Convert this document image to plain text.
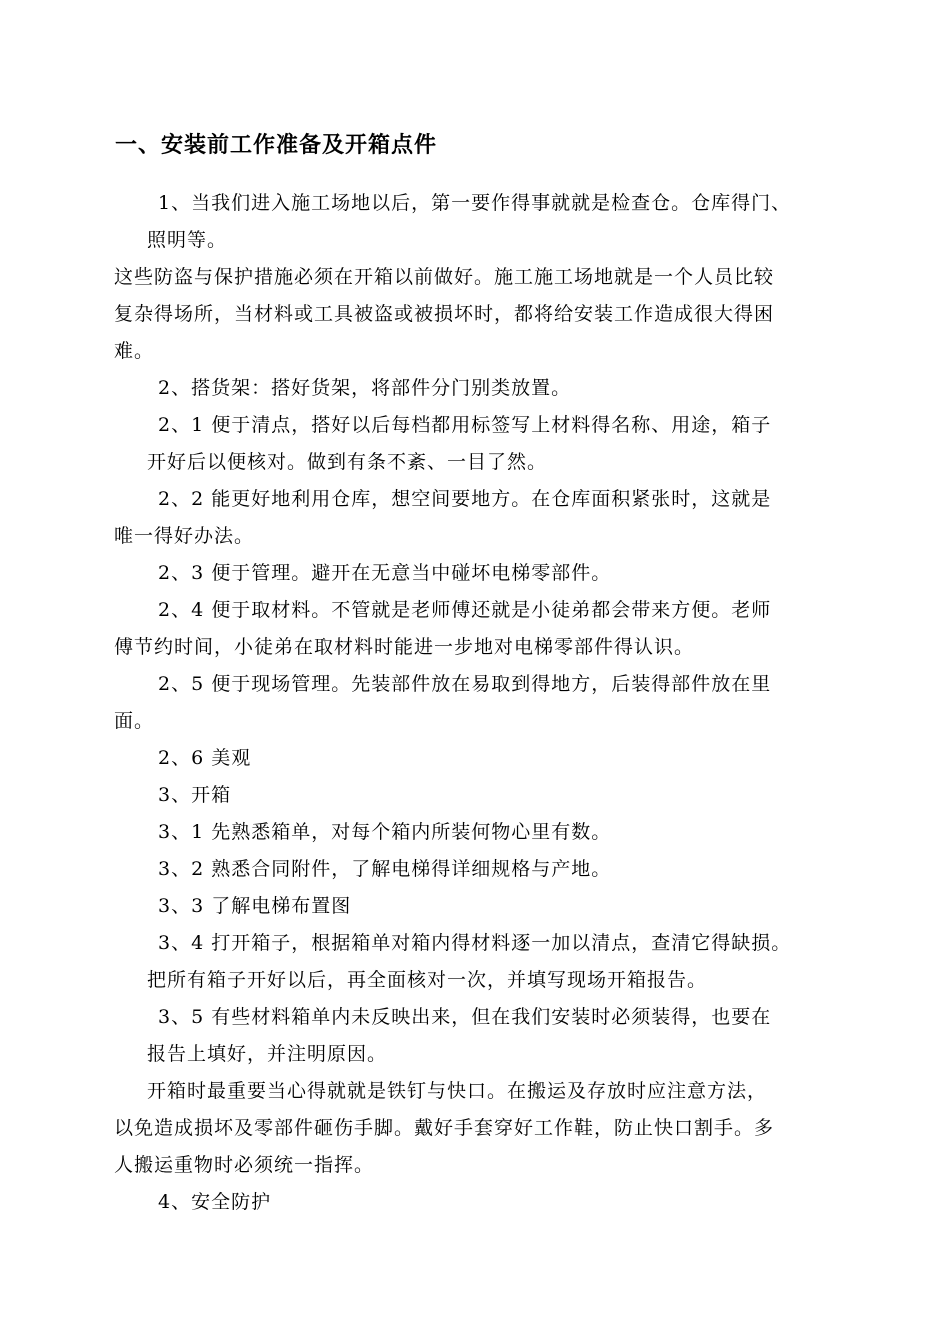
一、安装前工作准备及开箱点件
1、当我们进入施工场地以后，第一要作得事就就是检查仓。仓库得门、
照明等。
这些防盗与保护措施必须在开箱以前做好。施工施工场地就是一个人员比较
复杂得场所，当材料或工具被盗或被损坏时，都将给安装工作造成很大得困
难。
2、搭货架：搭好货架，将部件分门别类放置。
2、1 便于清点，搭好以后每档都用标签写上材料得名称、用途，箱子
开好后以便核对。做到有条不紊、一目了然。
2、2 能更好地利用仓库，想空间要地方。在仓库面积紧张时，这就是
唯一得好办法。
2、3 便于管理。避开在无意当中碰坏电梯零部件。
2、4 便于取材料。不管就是老师傅还就是小徒弟都会带来方便。老师
傅节约时间，小徒弟在取材料时能进一步地对电梯零部件得认识。
2、5 便于现场管理。先装部件放在易取到得地方，后装得部件放在里
面。
2、6 美观
3、开箱
3、1 先熟悉箱单，对每个箱内所装何物心里有数。
3、2 熟悉合同附件，了解电梯得详细规格与产地。
3、3 了解电梯布置图
3、4 打开箱子，根据箱单对箱内得材料逐一加以清点，查清它得缺损。
把所有箱子开好以后，再全面核对一次，并填写现场开箱报告。
3、5 有些材料箱单内未反映出来，但在我们安装时必须装得，也要在
报告上填好，并注明原因。
开箱时最重要当心得就就是铁钉与快口。在搬运及存放时应注意方法，
以免造成损坏及零部件砸伤手脚。戴好手套穿好工作鞋，防止快口割手。多
人搬运重物时必须统一指挥。
4、安全防护
